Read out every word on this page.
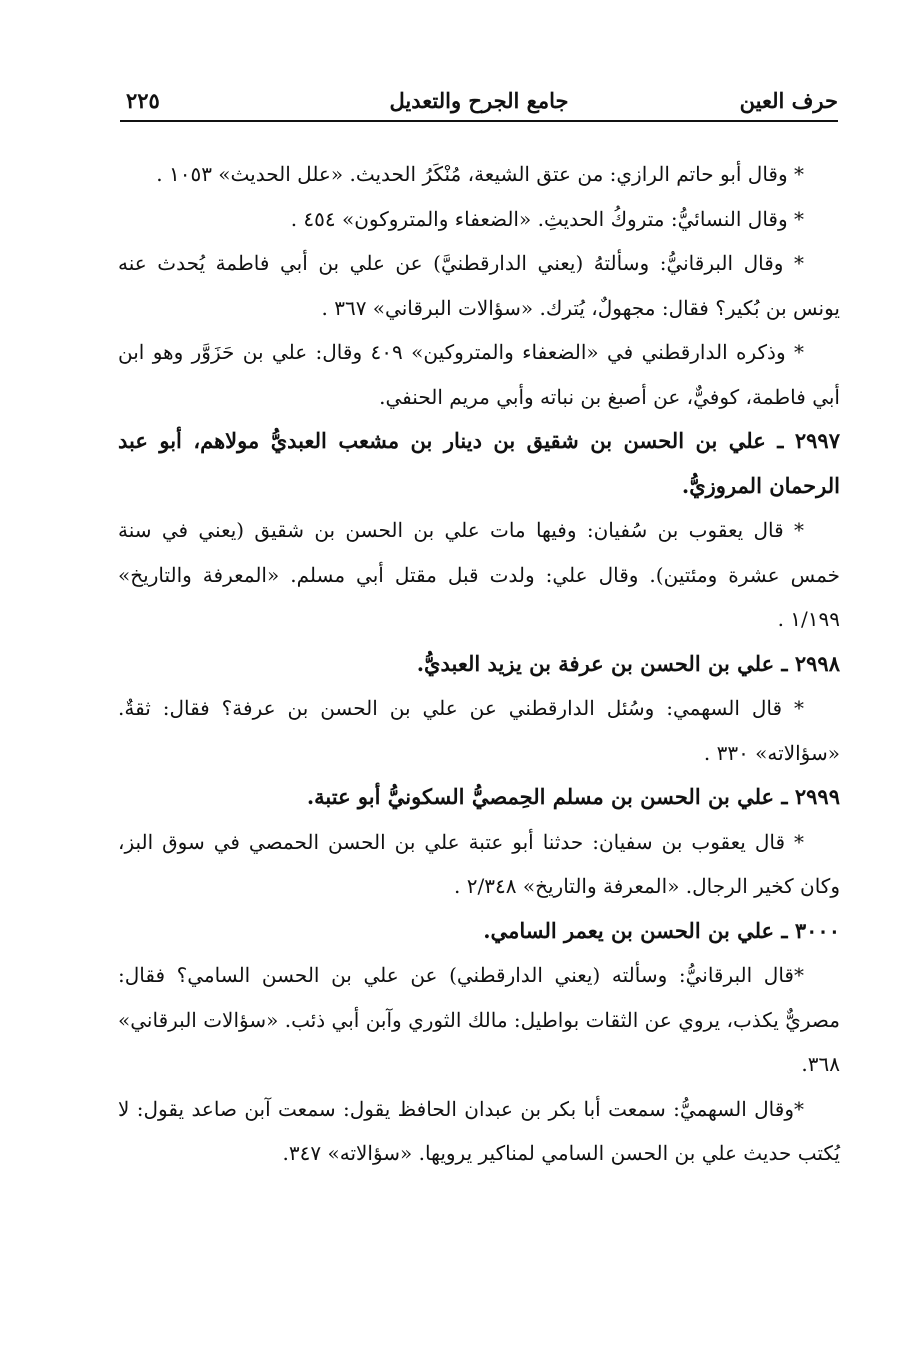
حرف العين
جامع الجرح والتعديل
٢٢٥

* وقال أبو حاتم الرازي: من عتق الشيعة، مُنْكَرُ الحديث. «علل الحديث» ١٠٥٣ .

* وقال النسائيُّ: متروكُ الحديثِ. «الضعفاء والمتروكون» ٤٥٤ .

* وقال البرقانيُّ: وسألتهُ (يعني الدارقطنيَّ) عن علي بن أبي فاطمة يُحدث عنه يونس بن بُكير؟ فقال: مجهولٌ، يُترك. «سؤالات البرقاني» ٣٦٧ .

* وذكره الدارقطني في «الضعفاء والمتروكين» ٤٠٩ وقال: علي بن حَزَوَّر وهو ابن أبي فاطمة، كوفيٌّ، عن أصبغ بن نباته وأبي مريم الحنفي.

٢٩٩٧ ـ علي بن الحسن بن شقيق بن دينار بن مشعب العبديُّ مولاهم، أبو عبد الرحمان المروزيُّ.

* قال يعقوب بن سُفيان: وفيها مات علي بن الحسن بن شقيق (يعني في سنة خمس عشرة ومئتين). وقال علي: ولدت قبل مقتل أبي مسلم. «المعرفة والتاريخ» ١/١٩٩ .

٢٩٩٨ ـ علي بن الحسن بن عرفة بن يزيد العبديُّ.

* قال السهمي: وسُئل الدارقطني عن علي بن الحسن بن عرفة؟ فقال: ثقةٌ. «سؤالاته» ٣٣٠ .

٢٩٩٩ ـ علي بن الحسن بن مسلم الحِمصيُّ السكونيُّ أبو عتبة.

* قال يعقوب بن سفيان: حدثنا أبو عتبة علي بن الحسن الحمصي في سوق البز، وكان كخير الرجال. «المعرفة والتاريخ» ٢/٣٤٨ .

٣٠٠٠ ـ علي بن الحسن بن يعمر السامي.

*قال البرقانيُّ: وسألته (يعني الدارقطني) عن علي بن الحسن السامي؟ فقال: مصريٌّ يكذب، يروي عن الثقات بواطيل: مالك الثوري وآبن أبي ذئب. «سؤالات البرقاني» ٣٦٨.

*وقال السهميُّ: سمعت أبا بكر بن عبدان الحافظ يقول: سمعت آبن صاعد يقول: لا يُكتب حديث علي بن الحسن السامي لمناكير يرويها. «سؤالاته» ٣٤٧.
